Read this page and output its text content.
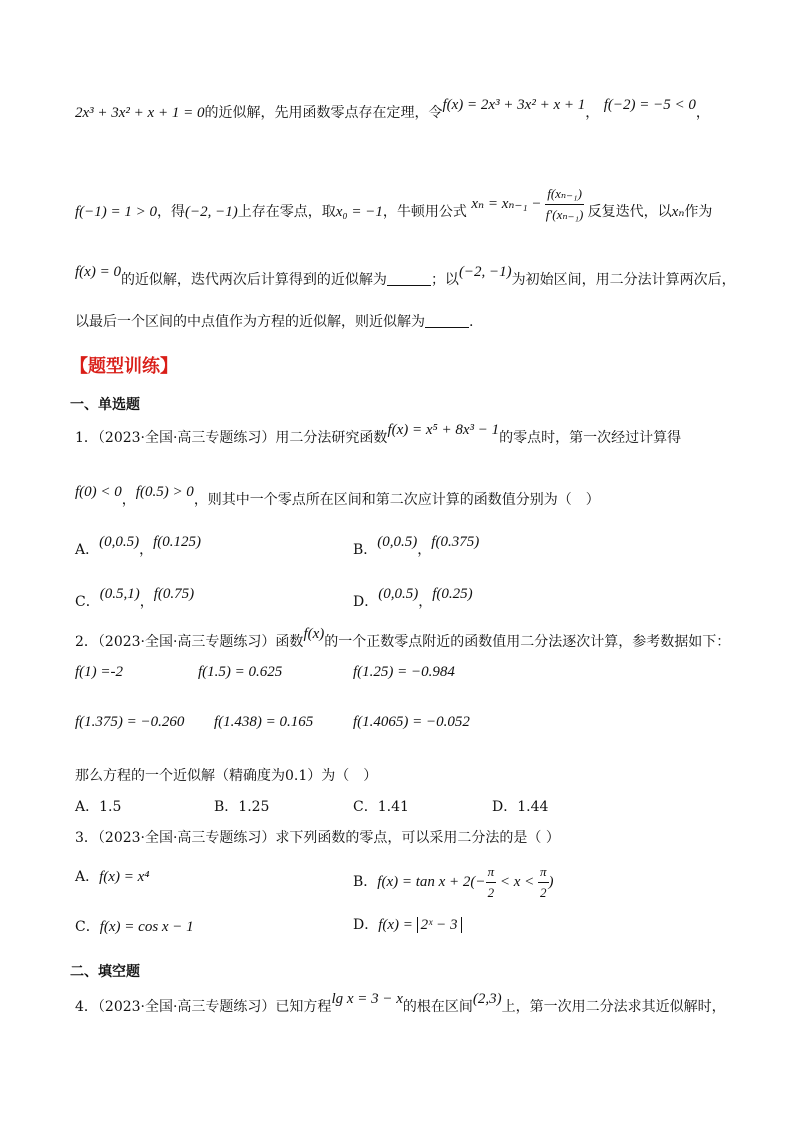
2x³ + 3x² + x + 1 = 0的近似解，先用函数零点存在定理，令f(x) = 2x³ + 3x² + x + 1， f(−2) = −5 < 0，
f(−1) = 1 > 0，得(−2, −1)上存在零点，取x₀ = −1，牛顿用公式 $x_n = x_{n-1} - \frac{\text{f(xₙ₋₁)}}{\text{f′(xₙ₋₁)}}$ 反复迭代，以xₙ作为
f(x) = 0的近似解，迭代两次后计算得到的近似解为	；以(−2, −1)为初始区间，用二分法计算两次后，
以最后一个区间的中点值作为方程的近似解，则近似解为	.
【题型训练】
一、单选题
1．（2023·全国·高三专题练习）用二分法研究函数f(x) = x⁵ + 8x³ − 1的零点时，第一次经过计算得
f(0) < 0，f(0.5) > 0，则其中一个零点所在区间和第二次应计算的函数值分别为（　）
A．(0,0.5)，f(0.125)	B．(0,0.5)，f(0.375)
C．(0.5,1)，f(0.75)	D．(0,0.5)，f(0.25)
2．（2023·全国·高三专题练习）函数f(x)的一个正数零点附近的函数值用二分法逐次计算，参考数据如下：
f(1) =-2	f(1.5) = 0.625	f(1.25) = −0.984
f(1.375) = −0.260 f(1.438) = 0.165	f(1.4065) = −0.052
那么方程的一个近似解（精确度为0.1）为（　）
A．1.5	B．1.25	C．1.41	D．1.44
3．（2023·全国·高三专题练习）求下列函数的零点，可以采用二分法的是（ ）
A．f(x) = x⁴	B．$f(x) = \tan x + 2(- \frac{\pi}{2} < x < \frac{\pi}{2}$ )
C．f(x) = cos x − 1	D．f(x) = 2ˣ − 3
二、填空题
4．（2023·全国·高三专题练习）已知方程lg x = 3 − x的根在区间(2,3)上，第一次用二分法求其近似解时，
